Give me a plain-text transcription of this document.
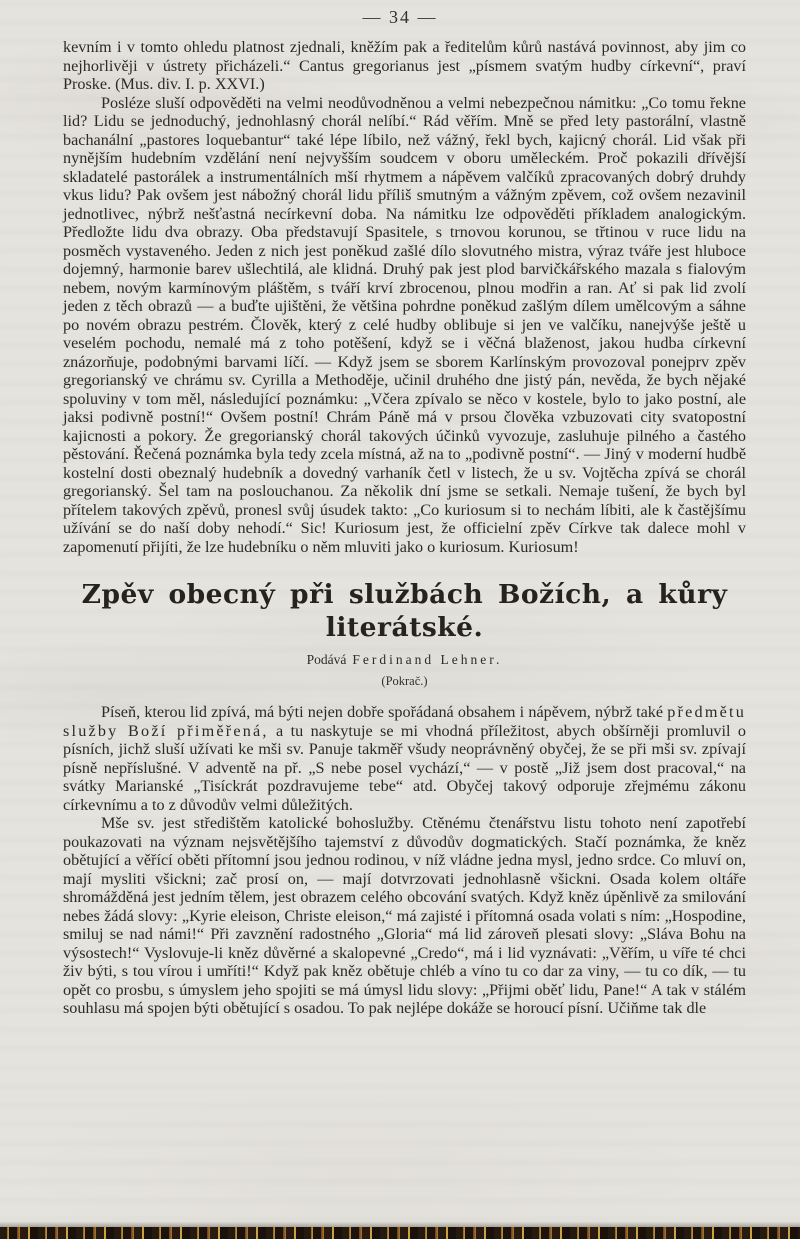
— 34 —

kevním i v tomto ohledu platnost zjednali, kněžím pak a ředitelům kůrů nastává povinnost, aby jim co nejhorlivěji v ústrety přicházeli.“ Cantus gregorianus jest „písmem svatým hudby církevní“, praví Proske. (Mus. div. I. p. XXVI.)

Posléze sluší odpověděti na velmi neodůvodněnou a velmi nebezpečnou námitku: „Co tomu řekne lid? Lidu se jednoduchý, jednohlasný chorál nelíbí.“ Rád věřím. Mně se před lety pastorální, vlastně bachanální „pastores loquebantur“ také lépe líbilo, než vážný, řekl bych, kajicný chorál. Lid však při nynějším hudebním vzdělání není nejvyšším soudcem v oboru uměleckém. Proč pokazili dřívější skladatelé pastorálek a instrumentálních mší rhytmem a nápěvem valčíků zpracovaných dobrý druhdy vkus lidu? Pak ovšem jest nábožný chorál lidu příliš smutným a vážným zpěvem, což ovšem nezavinil jednotlivec, nýbrž nešťastná necírkevní doba. Na námitku lze odpověděti příkladem analogickým. Předložte lidu dva obrazy. Oba představují Spasitele, s trnovou korunou, se třtinou v ruce lidu na posměch vystaveného. Jeden z nich jest poněkud zašlé dílo slovutného mistra, výraz tváře jest hluboce dojemný, harmonie barev ušlechtilá, ale klidná. Druhý pak jest plod barvičkářského mazala s fialovým nebem, novým karmínovým pláštěm, s tváří krví zbrocenou, plnou modřin a ran. Ať si pak lid zvolí jeden z těch obrazů — a buďte ujištěni, že většina pohrdne poněkud zašlým dílem umělcovým a sáhne po novém obrazu pestrém. Člověk, který z celé hudby oblibuje si jen ve valčíku, nanejvýše ještě u veselém pochodu, nemalé má z toho potěšení, když se i věčná blaženost, jakou hudba církevní znázorňuje, podobnými barvami líčí. — Když jsem se sborem Karlínským provozoval ponejprv zpěv gregorianský ve chrámu sv. Cyrilla a Methoděje, učinil druhého dne jistý pán, nevěda, že bych nějaké spoluviny v tom měl, následující poznámku: „Včera zpívalo se něco v kostele, bylo to jako postní, ale jaksi podivně postní!“ Ovšem postní! Chrám Páně má v prsou člověka vzbuzovati city svatopostní kajicnosti a pokory. Že gregorianský chorál takových účinků vyvozuje, zasluhuje pilného a častého pěstování. Řečená poznámka byla tedy zcela místná, až na to „podivně postní“. — Jiný v moderní hudbě kostelní dosti obeznalý hudebník a dovedný varhaník četl v listech, že u sv. Vojtěcha zpívá se chorál gregorianský. Šel tam na poslouchanou. Za několik dní jsme se setkali. Nemaje tušení, že bych byl přítelem takových zpěvů, pronesl svůj úsudek takto: „Co kuriosum si to nechám líbiti, ale k častějšímu užívání se do naší doby nehodí.“ Sic! Kuriosum jest, že officielní zpěv Církve tak dalece mohl v zapomenutí přijíti, že lze hudebníku o něm mluviti jako o kuriosum. Kuriosum!

Zpěv obecný při službách Božích, a kůry literátské.
Podává Ferdinand Lehner.
(Pokrač.)

Píseň, kterou lid zpívá, má býti nejen dobře spořádaná obsahem i nápěvem, nýbrž také předmětu služby Boží přiměřená, a tu naskytuje se mi vhodná příležitost, abych obšírněji promluvil o písních, jichž sluší užívati ke mši sv. Panuje takměř všudy neoprávněný obyčej, že se při mši sv. zpívají písně nepříslušné. V adventě na př. „S nebe posel vychází,“ — v postě „Již jsem dost pracoval,“ na svátky Marianské „Tisíckrát pozdravujeme tebe“ atd. Obyčej takový odporuje zřejmému zákonu církevnímu a to z důvodův velmi důležitých.

Mše sv. jest středištěm katolické bohoslužby. Ctěnému čtenářstvu listu tohoto není zapotřebí poukazovati na význam nejsvětějšího tajemství z důvodův dogmatických. Stačí poznámka, že kněz obětující a věřící oběti přítomní jsou jednou rodinou, v níž vládne jedna mysl, jedno srdce. Co mluví on, mají mysliti všickni; zač prosí on, — mají dotvrzovati jednohlasně všickni. Osada kolem oltáře shromážděná jest jedním tělem, jest obrazem celého obcování svatých. Když kněz úpěnlivě za smilování nebes žádá slovy: „Kyrie eleison, Christe eleison,“ má zajisté i přítomná osada volati s ním: „Hospodine, smiluj se nad námi!“ Při zavznění radostného „Gloria“ má lid zároveň plesati slovy: „Sláva Bohu na výsostech!“ Vyslovuje-li kněz důvěrné a skalopevné „Credo“, má i lid vyznávati: „Věřím, u víře té chci živ býti, s tou vírou i umříti!“ Když pak kněz obětuje chléb a víno tu co dar za viny, — tu co dík, — tu opět co prosbu, s úmyslem jeho spojiti se má úmysl lidu slovy: „Přijmi oběť lidu, Pane!“ A tak v stálém souhlasu má spojen býti obětující s osadou. To pak nejlépe dokáže se horoucí písní. Učiňme tak dle
